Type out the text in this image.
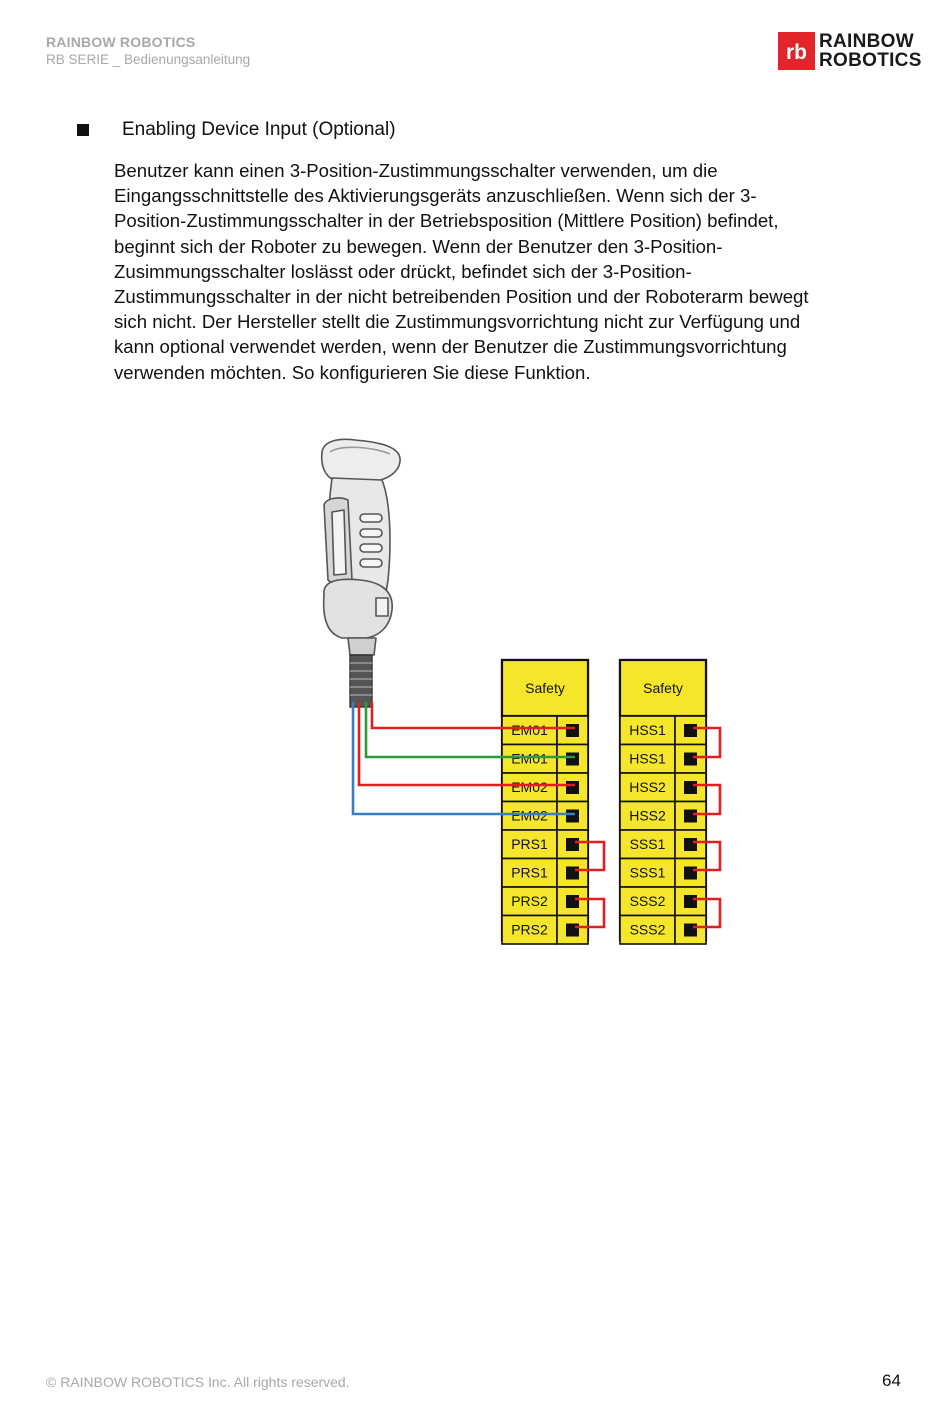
RAINBOW ROBOTICS
RB SERIE _ Bedienungsanleitung	rb RAINBOW
ROBOTICS
Enabling Device Input (Optional)

Benutzer kann einen 3-Position-Zustimmungsschalter verwenden, um die
Eingangsschnittstelle des Aktivierungsgeräts anzuschließen. Wenn sich der 3-
Position-Zustimmungsschalter in der Betriebsposition (Mittlere Position) befindet,
beginnt sich der Roboter zu bewegen. Wenn der Benutzer den 3-Position-
Zusimmungsschalter loslässt oder drückt, befindet sich der 3-Position-
Zustimmungsschalter in der nicht betreibenden Position und der Roboterarm bewegt
sich nicht. Der Hersteller stellt die Zustimmungsvorrichtung nicht zur Verfügung und
kann optional verwendet werden, wenn der Benutzer die Zustimmungsvorrichtung
verwenden möchten. So konfigurieren Sie diese Funktion.

Safety
EM01
EM01
EM02
EM02
PRS1
PRS1
PRS2
PRS2
Safety
HSS1
HSS1
HSS2
HSS2
SSS1
SSS1
SSS2
SSS2
© RAINBOW ROBOTICS Inc. All rights reserved.	64
